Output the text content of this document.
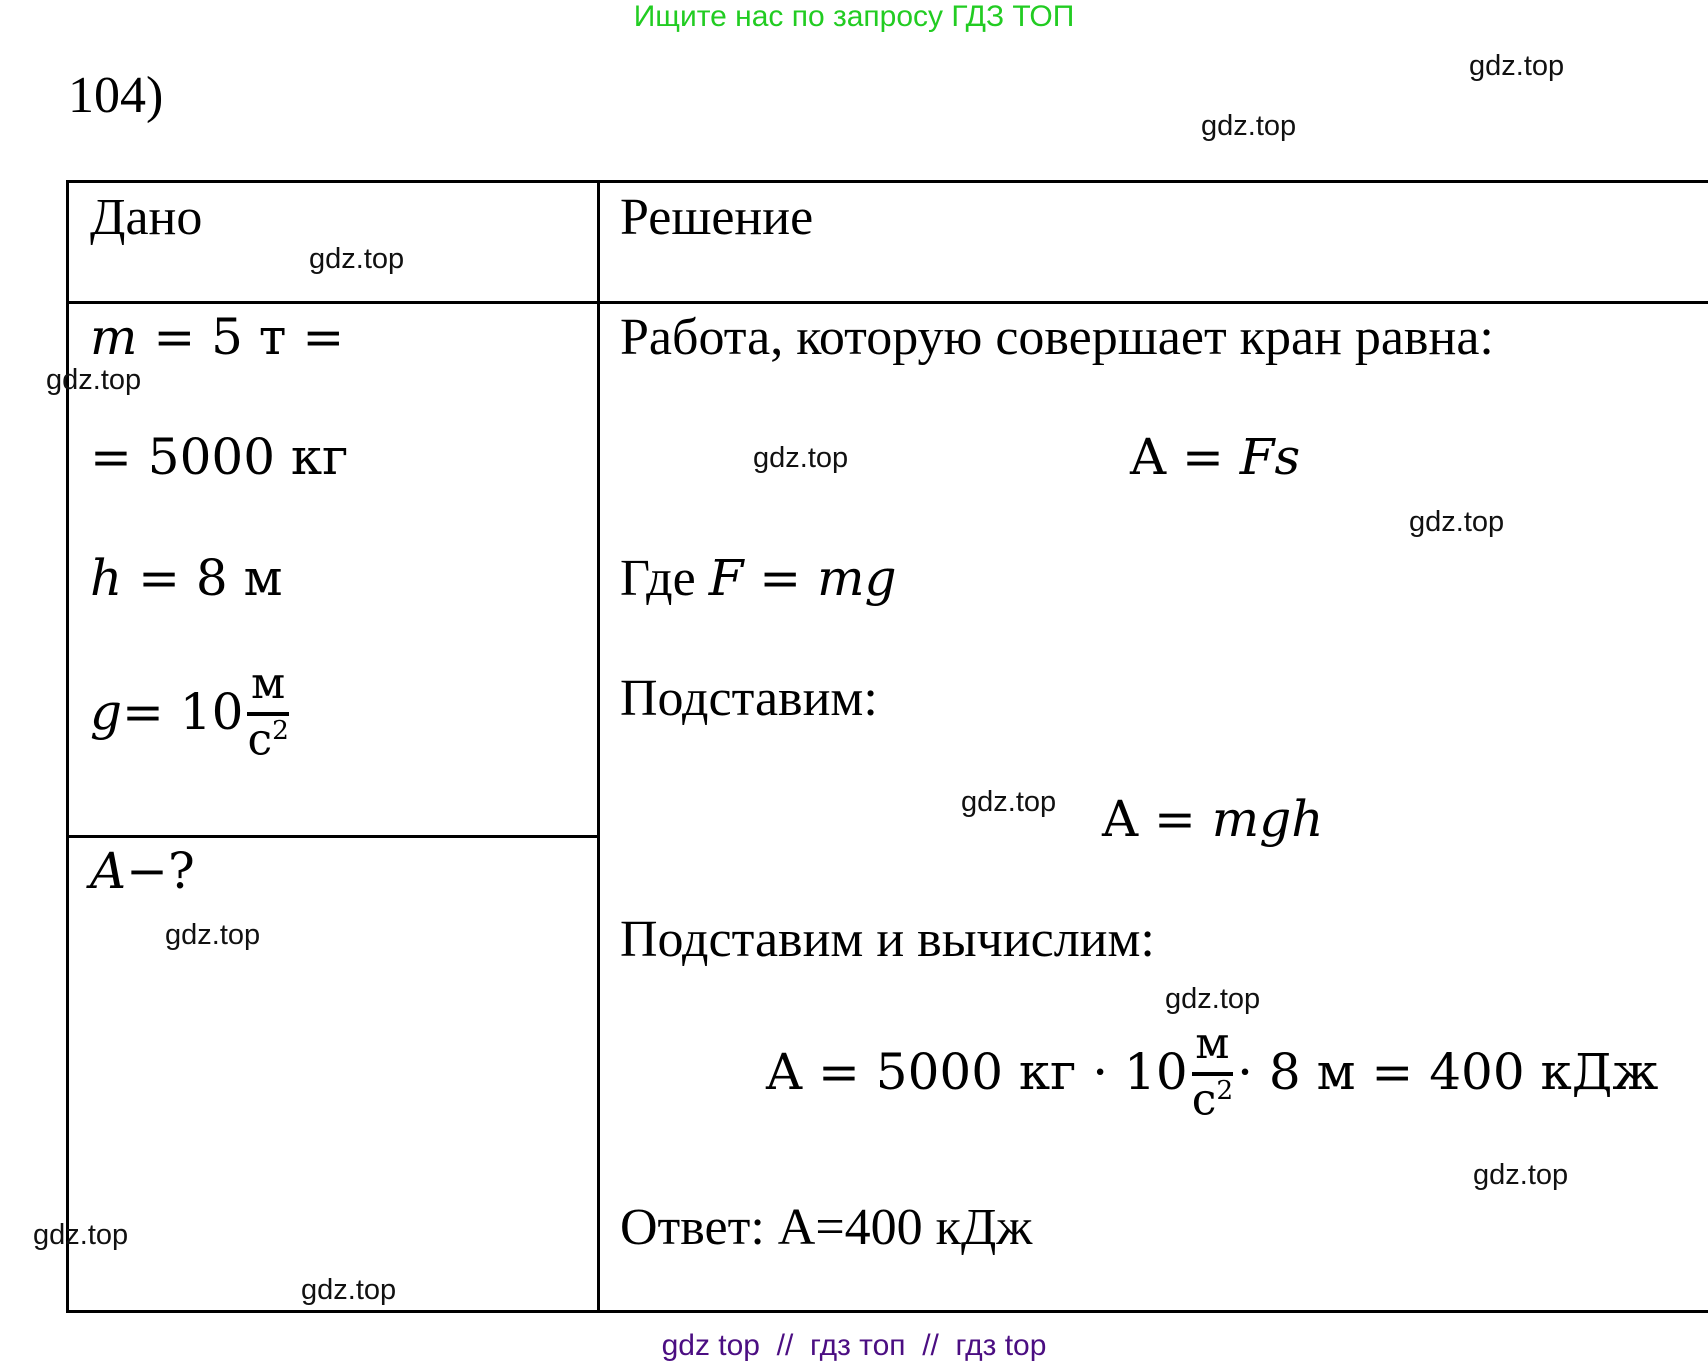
Ищите нас по запросу ГДЗ ТОП
104)
Дано	Решение
m = 5 т =
= 5000 кг
h = 8 м
$g = 10 \frac{м}{с^2}$
A−?
Работа, которую совершает кран равна:
A = Fs
Где F = mg
Подставим:
A = mgh
Подставим и вычислим:
A = 5000 кг · $10 \frac{м}{с^2} \cdot 8$ м = 400 кДж
Ответ: A=400 кДж
gdz.top
gdz.top
gdz.top
gdz.top
gdz.top
gdz.top
gdz.top
gdz.top
gdz.top
gdz.top
gdz.top
gdz.top
gdz top  //  гдз топ  //  гдз top
